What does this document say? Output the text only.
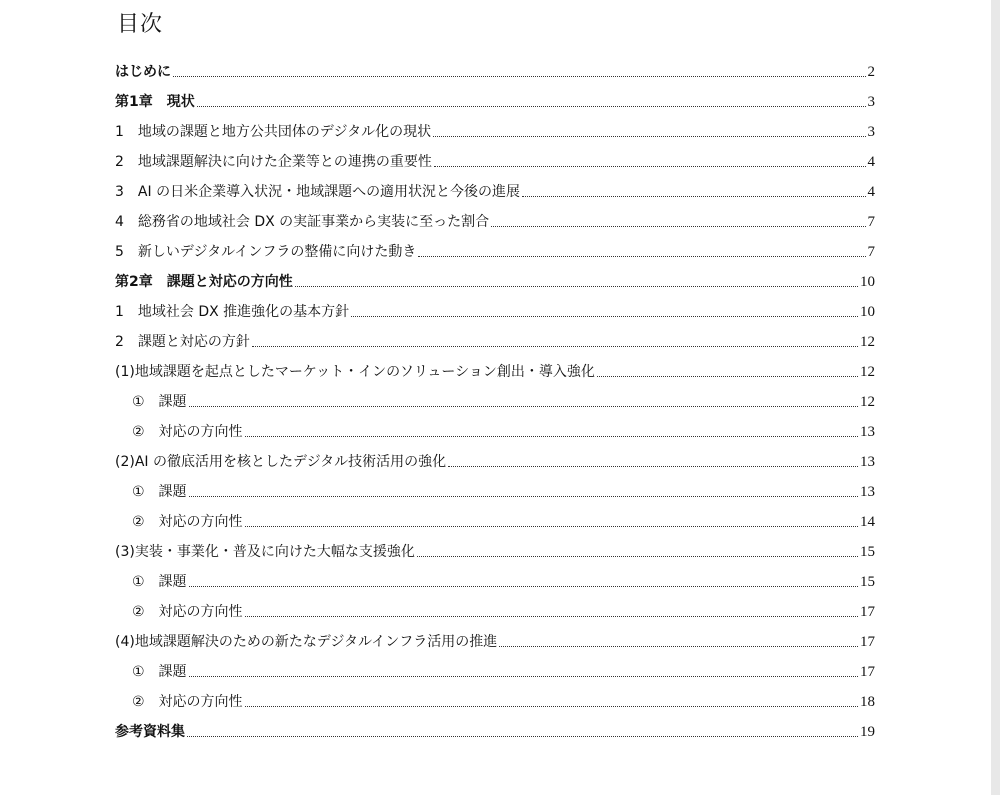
目次
はじめに	2
第1章　現状	3
1　地域の課題と地方公共団体のデジタル化の現状	3
2　地域課題解決に向けた企業等との連携の重要性	4
3　AI の日米企業導入状況・地域課題への適用状況と今後の進展	4
4　総務省の地域社会 DX の実証事業から実装に至った割合	7
5　新しいデジタルインフラの整備に向けた動き	7
第2章　課題と対応の方向性	10
1　地域社会 DX 推進強化の基本方針	10
2　課題と対応の方針	12
(1)地域課題を起点としたマーケット・インのソリューション創出・導入強化	12
①　課題	12
②　対応の方向性	13
(2)AI の徹底活用を核としたデジタル技術活用の強化	13
①　課題	13
②　対応の方向性	14
(3)実装・事業化・普及に向けた大幅な支援強化	15
①　課題	15
②　対応の方向性	17
(4)地域課題解決のための新たなデジタルインフラ活用の推進	17
①　課題	17
②　対応の方向性	18
参考資料集	19
